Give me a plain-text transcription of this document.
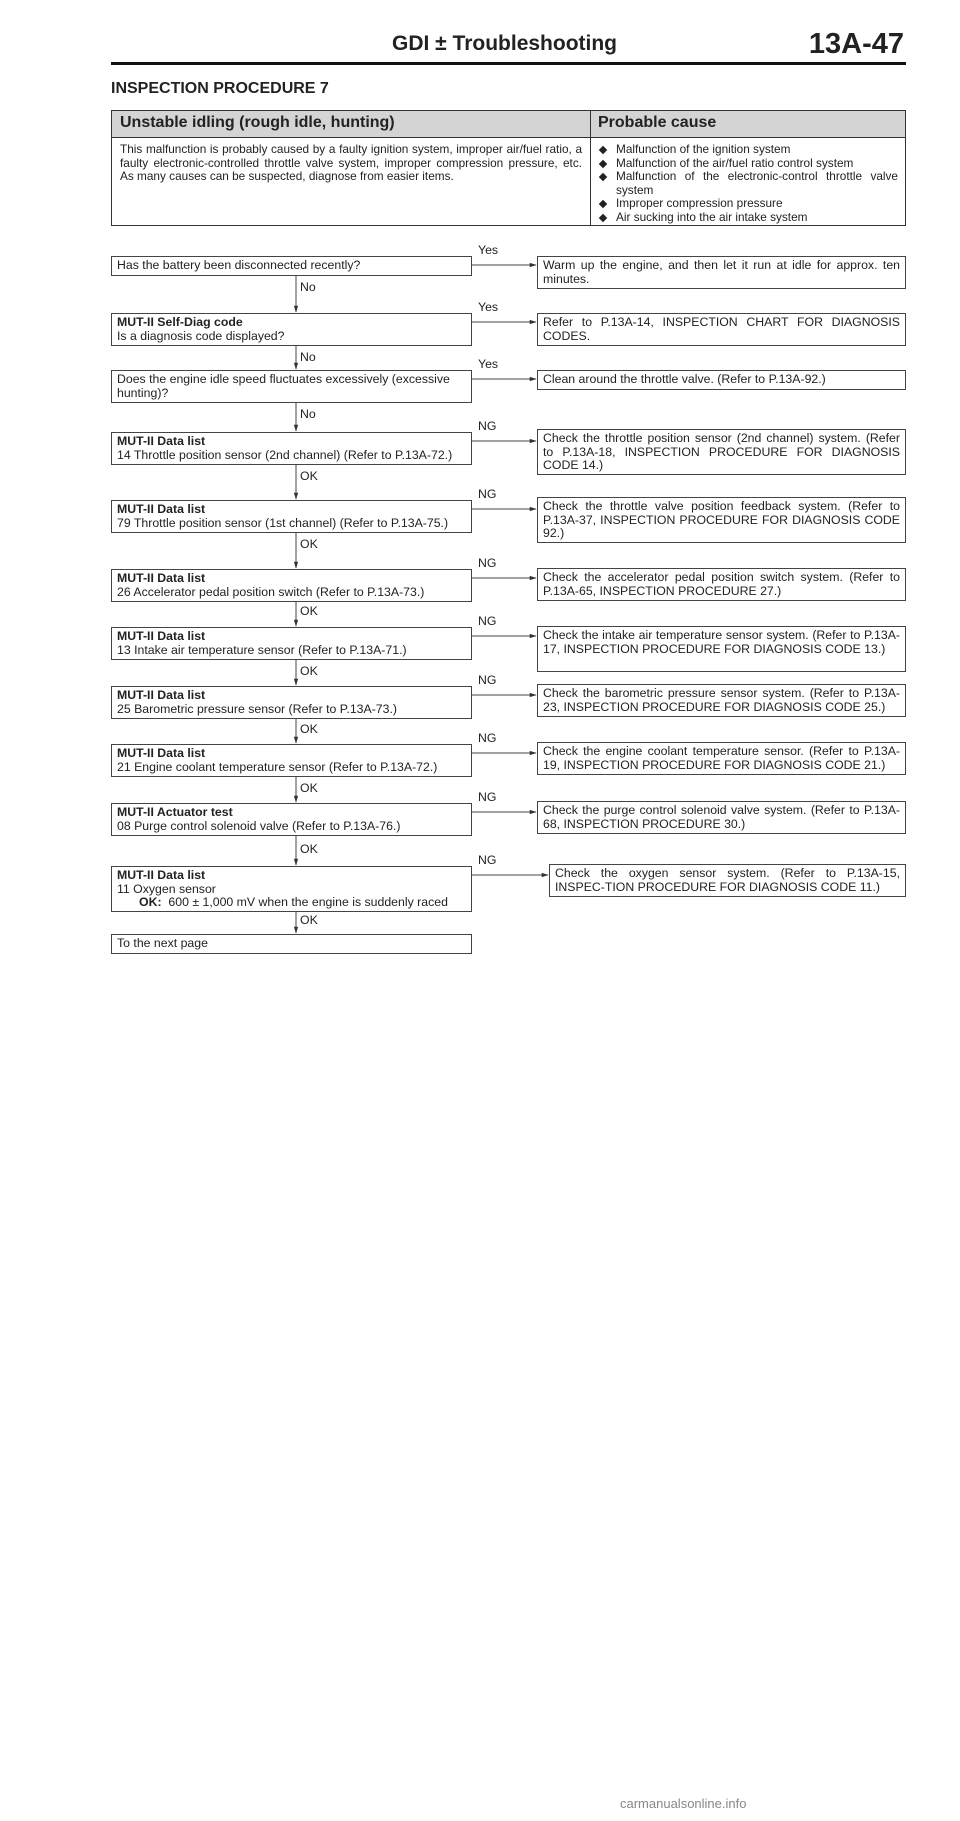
GDI ± Troubleshooting	13A-47
INSPECTION PROCEDURE 7
Unstable idling (rough idle, hunting)	Probable cause
This malfunction is probably caused by a faulty ignition system, improper air/fuel ratio, a faulty electronic-controlled throttle valve system, improper compression pressure, etc. As many causes can be suspected, diagnose from easier items.
Malfunction of the ignition system
Malfunction of the air/fuel ratio control system
Malfunction of the electronic-control throttle valve system
Improper compression pressure
Air sucking into the air intake system
Has the battery been disconnected recently?
MUT-II Self-Diag code
Is a diagnosis code displayed?
Does the engine idle speed fluctuates excessively (excessive hunting)?
MUT-II Data list
14 Throttle position sensor (2nd channel) (Refer to P.13A-72.)
MUT-II Data list
79 Throttle position sensor (1st channel) (Refer to P.13A-75.)
MUT-II Data list
26 Accelerator pedal position switch (Refer to P.13A-73.)
MUT-II Data list
13 Intake air temperature sensor (Refer to P.13A-71.)
MUT-II Data list
25 Barometric pressure sensor (Refer to P.13A-73.)
MUT-II Data list
21 Engine coolant temperature sensor (Refer to P.13A-72.)
MUT-II Actuator test
08 Purge control solenoid valve (Refer to P.13A-76.)
MUT-II Data list
11 Oxygen sensor
OK: 600 ± 1,000 mV when the engine is suddenly raced
To the next page
Warm up the engine, and then let it run at idle for approx. ten minutes.
Refer to P.13A-14, INSPECTION CHART FOR DIAGNOSIS CODES.
Clean around the throttle valve. (Refer to P.13A-92.)
Check the throttle position sensor (2nd channel) system. (Refer to P.13A-18, INSPECTION PROCEDURE FOR DIAGNOSIS CODE 14.)
Check the throttle valve position feedback system. (Refer to P.13A-37, INSPECTION PROCEDURE FOR DIAGNOSIS CODE 92.)
Check the accelerator pedal position switch system. (Refer to P.13A-65, INSPECTION PROCEDURE 27.)
Check the intake air temperature sensor system. (Refer to P.13A-17, INSPECTION PROCEDURE FOR DIAGNOSIS CODE 13.)
Check the barometric pressure sensor system. (Refer to P.13A-23, INSPECTION PROCEDURE FOR DIAGNOSIS CODE 25.)
Check the engine coolant temperature sensor. (Refer to P.13A-19, INSPECTION PROCEDURE FOR DIAGNOSIS CODE 21.)
Check the purge control solenoid valve system. (Refer to P.13A-68, INSPECTION PROCEDURE 30.)
Check the oxygen sensor system. (Refer to P.13A-15, INSPEC-TION PROCEDURE FOR DIAGNOSIS CODE 11.)
Yes
Yes
Yes
NG
NG
NG
NG
NG
NG
NG
NG
No
No
No
OK
OK
OK
OK
OK
OK
OK
OK
carmanualsonline.info
